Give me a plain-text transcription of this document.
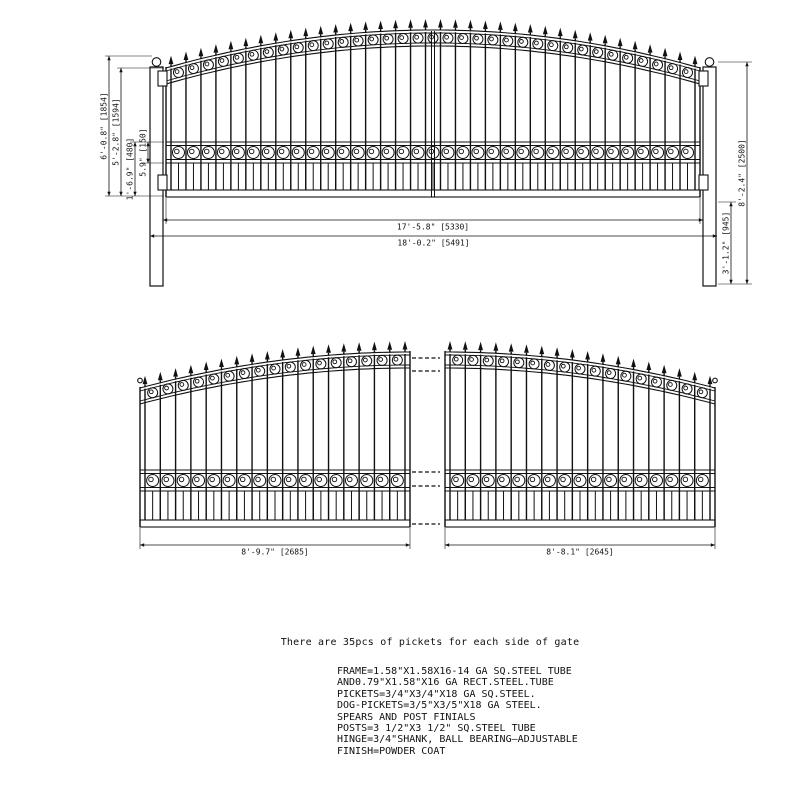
6'-0.8" [1854] 5'-2.8" [1594]
1'-6.9" [480] 5.9" [150]
3'-1.2" [945]
8'-2.4" [2500]
17'-5.8" [5330]
18'-0.2" [5491]
8'-9.7" [2685]	8'-8.1" [2645]
There are 35pcs of pickets for each side of gate
FRAME=1.58"X1.58X16-14 GA SQ.STEEL TUBE
AND0.79"X1.58"X16 GA RECT.STEEL.TUBE
PICKETS=3/4"X3/4"X18 GA SQ.STEEL.
DOG-PICKETS=3/5"X3/5"X18 GA STEEL.
SPEARS AND POST FINIALS
POSTS=3 1/2"X3 1/2" SQ.STEEL TUBE
HINGE=3/4"SHANK, BALL BEARING—ADJUSTABLE
FINISH=POWDER COAT
